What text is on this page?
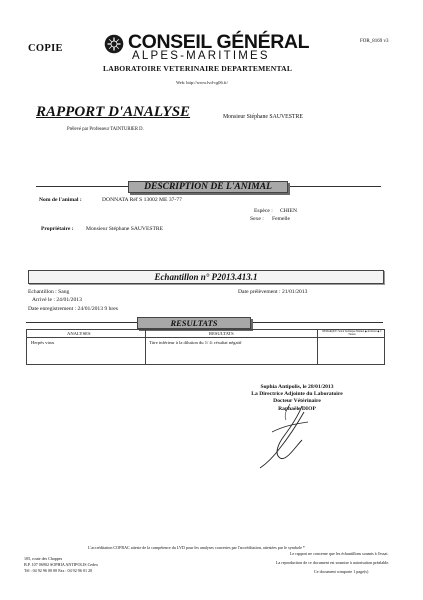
COPIE
FOR_8169 v3
CONSEIL GÉNÉRAL
ALPES-MARITIMES
LABORATOIRE VETERINAIRE DEPARTEMENTAL
Web: http://www.lvd-cg06.fr/
RAPPORT D'ANALYSE	Monsieur Stéphane SAUVESTRE
Prélevé par Professeur TAINTURIER D.
DESCRIPTION DE L'ANIMAL
Nom de l'animal :	DONNATA Réf S 13002 ME 37-77
Espèce : CHIEN
Sexe : Femelle
Propriétaire : Monsieur Stéphane SAUVESTRE
Echantillon n° P2013.413.1
Echantillon : Sang
Arrivé le : 24/01/2013
Date prélèvement : 21/01/2013
Date enregistrement : 24/01/2013 9 hres
RESULTATS
ANALYSES	RESULTATS	REMARQUE: Selon Technique Manuel ◆ de Kitset ◆ C Tissure
Herpès virus	Titre inférieur à la dilution du 1/ 4: résultat négatif
Sophia Antipolis, le 28/01/2013
La Directrice Adjointe du Laboratoire
Docteur Vétérinaire
Raphaële DIOP
L'accréditation COFRAC atteste de la compétence du LVD pour les analyses couvertes par l'accréditation, attestées par le symbole *
Le rapport ne concerne que les échantillons soumis à l'essai.
La reproduction de ce document est soumise à autorisation préalable.
Ce document comporte 1 page(s)
105, route des Chappes
B.P. 107 06902 SOPHIA ANTIPOLIS Cedex
Tél : 04 92 96 00 00 Fax : 04 92 96 01 20
